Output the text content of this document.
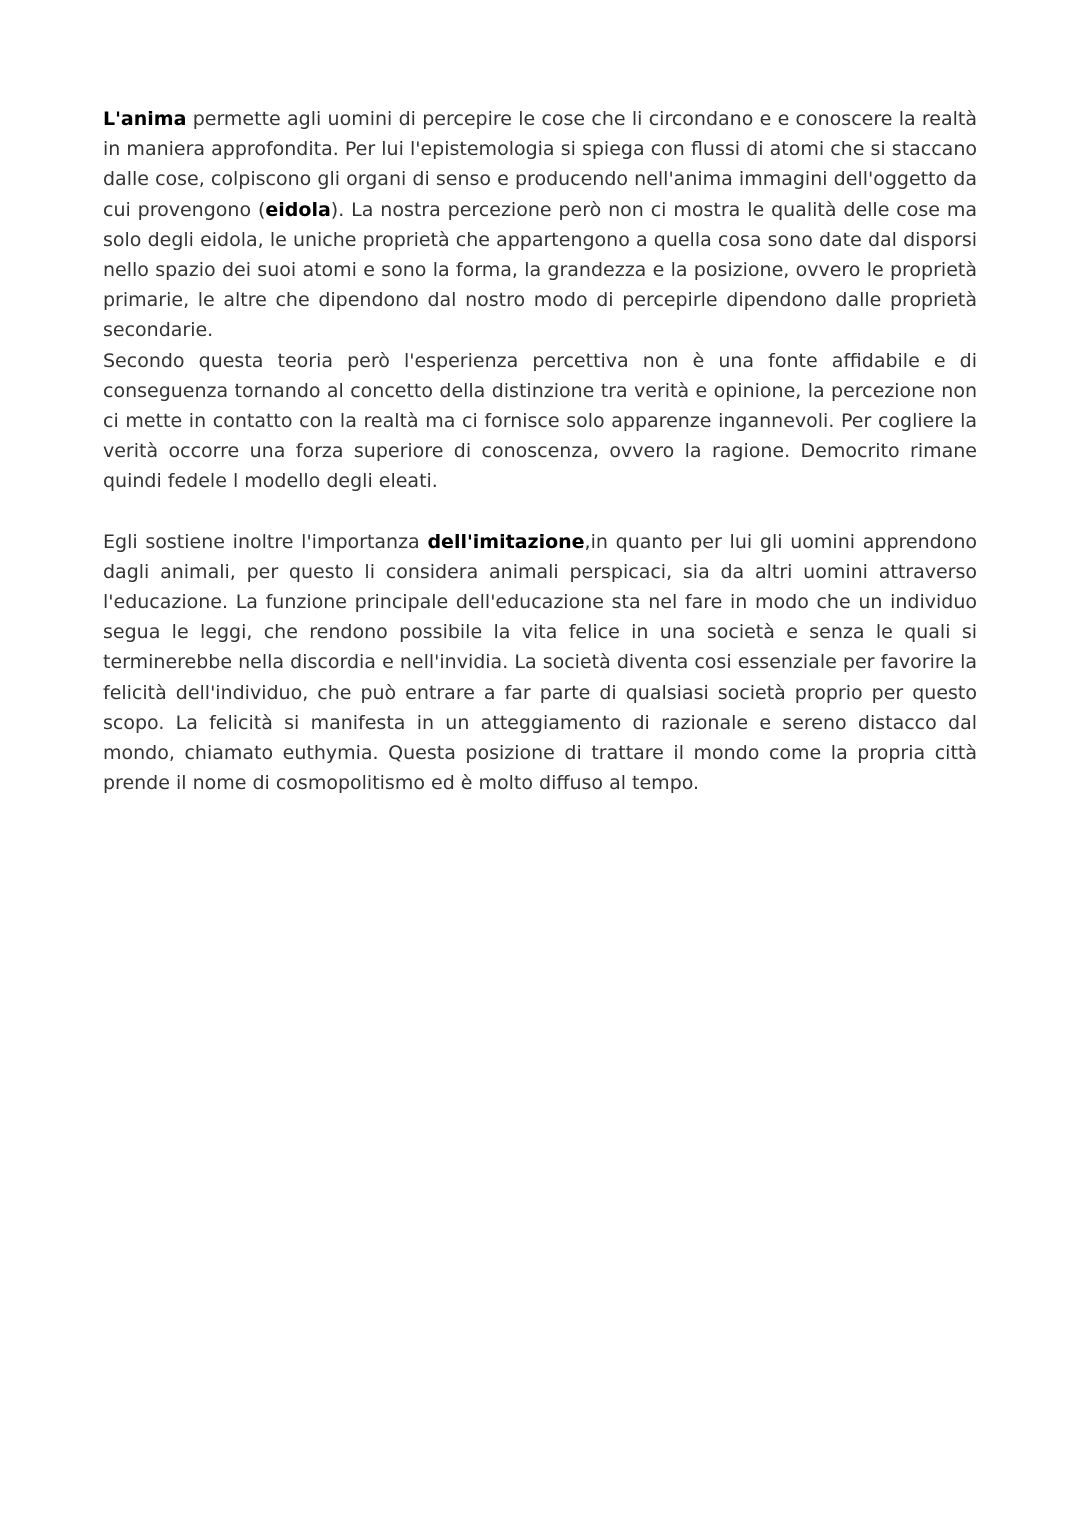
L'anima permette agli uomini di percepire le cose che li circondano e e conoscere la realtà in maniera approfondita. Per lui l'epistemologia si spiega con flussi di atomi che si staccano dalle cose, colpiscono gli organi di senso e producendo nell'anima immagini dell'oggetto da cui provengono (eidola). La nostra percezione però non ci mostra le qualità delle cose ma solo degli eidola, le uniche proprietà che appartengono a quella cosa sono date dal disporsi nello spazio dei suoi atomi e sono la forma, la grandezza e la posizione, ovvero le proprietà primarie, le altre che dipendono dal nostro modo di percepirle dipendono dalle proprietà secondarie.

Secondo questa teoria però l'esperienza percettiva non è una fonte affidabile e di conseguenza tornando al concetto della distinzione tra verità e opinione, la percezione non ci mette in contatto con la realtà ma ci fornisce solo apparenze ingannevoli. Per cogliere la verità occorre una forza superiore di conoscenza, ovvero la ragione. Democrito rimane quindi fedele l modello degli eleati.

Egli sostiene inoltre l'importanza dell'imitazione,in quanto per lui gli uomini apprendono dagli animali, per questo li considera animali perspicaci, sia da altri uomini attraverso l'educazione. La funzione principale dell'educazione sta nel fare in modo che un individuo segua le leggi, che rendono possibile la vita felice in una società e senza le quali si terminerebbe nella discordia e nell'invidia. La società diventa cosi essenziale per favorire la felicità dell'individuo, che può entrare a far parte di qualsiasi società proprio per questo scopo. La felicità si manifesta in un atteggiamento di razionale e sereno distacco dal mondo, chiamato euthymia. Questa posizione di trattare il mondo come la propria città prende il nome di cosmopolitismo ed è molto diffuso al tempo.
